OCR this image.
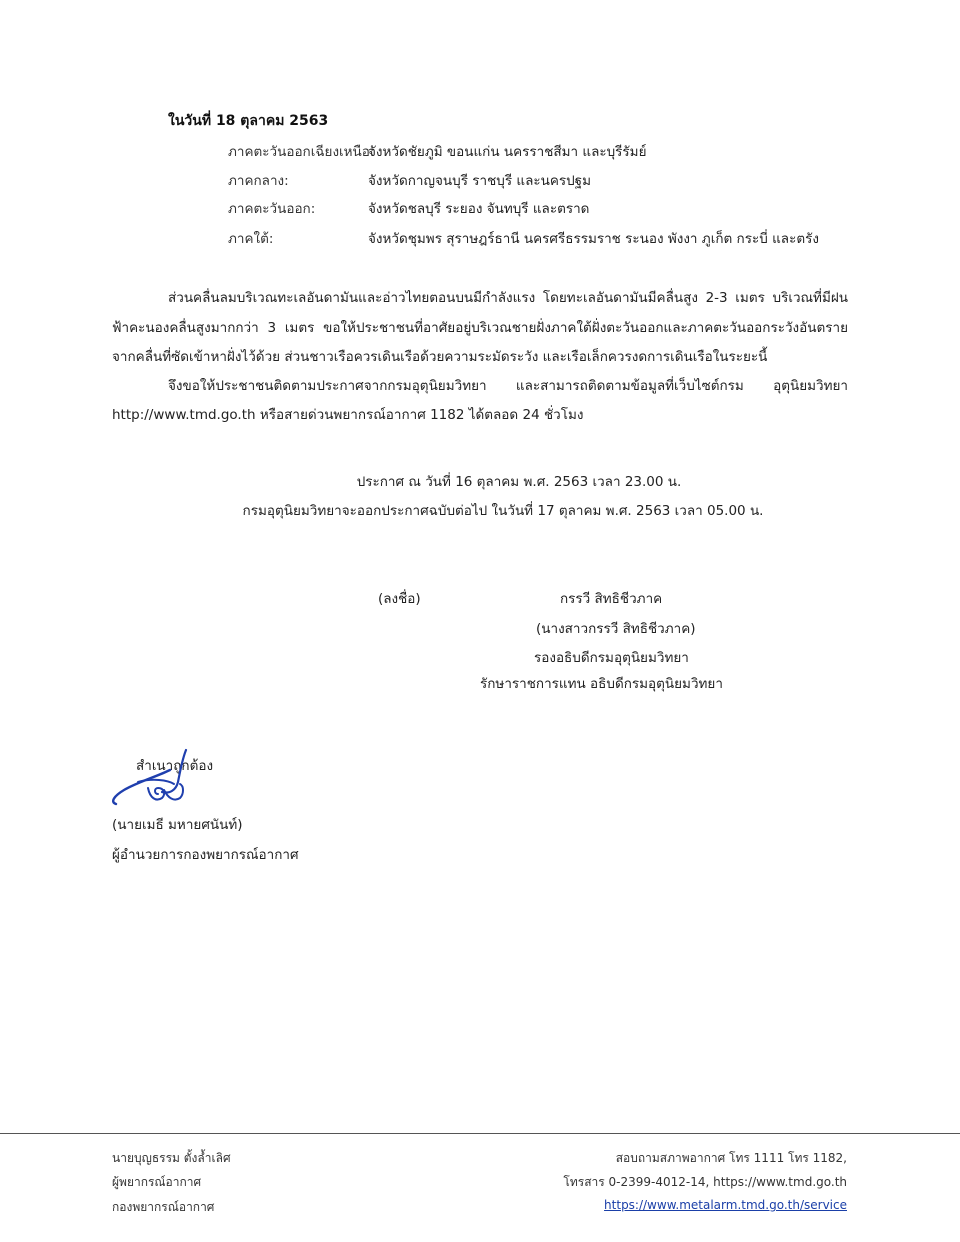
ในวันที่ 18 ตุลาคม 2563
ภาคตะวันออกเฉียงเหนือ:
จังหวัดชัยภูมิ ขอนแก่น นครราชสีมา และบุรีรัมย์
ภาคกลาง:	จังหวัดกาญจนบุรี ราชบุรี และนครปฐม
ภาคตะวันออก:	จังหวัดชลบุรี ระยอง จันทบุรี และตราด
ภาคใต้:	จังหวัดชุมพร สุราษฎร์ธานี นครศรีธรรมราช ระนอง พังงา ภูเก็ต กระบี่ และตรัง
ส่วนคลื่นลมบริเวณทะเลอันดามันและอ่าวไทยตอนบนมีกำลังแรง โดยทะเลอันดามันมีคลื่นสูง 2-3 เมตร บริเวณที่มีฝน
ฟ้าคะนองคลื่นสูงมากกว่า 3 เมตร ขอให้ประชาชนที่อาศัยอยู่บริเวณชายฝั่งภาคใต้ฝั่งตะวันออกและภาคตะวันออกระวังอันตราย
จากคลื่นที่ซัดเข้าหาฝั่งไว้ด้วย ส่วนชาวเรือควรเดินเรือด้วยความระมัดระวัง และเรือเล็กควรงดการเดินเรือในระยะนี้
จึงขอให้ประชาชนติดตามประกาศจากกรมอุตุนิยมวิทยา และสามารถติดตามข้อมูลที่เว็บไซต์กรม อุตุนิยมวิทยา
http://www.tmd.go.th หรือสายด่วนพยากรณ์อากาศ 1182 ได้ตลอด 24 ชั่วโมง
ประกาศ ณ วันที่ 16 ตุลาคม พ.ศ. 2563 เวลา 23.00 น.
กรมอุตุนิยมวิทยาจะออกประกาศฉบับต่อไป ในวันที่ 17 ตุลาคม พ.ศ. 2563 เวลา 05.00 น.
(ลงชื่อ)	กรรวี สิทธิชีวภาค
(นางสาวกรรวี สิทธิชีวภาค)
รองอธิบดีกรมอุตุนิยมวิทยา
รักษาราชการแทน อธิบดีกรมอุตุนิยมวิทยา
สำเนาถูกต้อง
(นายเมธี มหายศนันท์)
ผู้อำนวยการกองพยากรณ์อากาศ
นายบุญธรรม ตั้งล้ำเลิศ
ผู้พยากรณ์อากาศ
กองพยากรณ์อากาศ
สอบถามสภาพอากาศ โทร 1111 โทร 1182,
โทรสาร 0-2399-4012-14, https://www.tmd.go.th
https://www.metalarm.tmd.go.th/service
